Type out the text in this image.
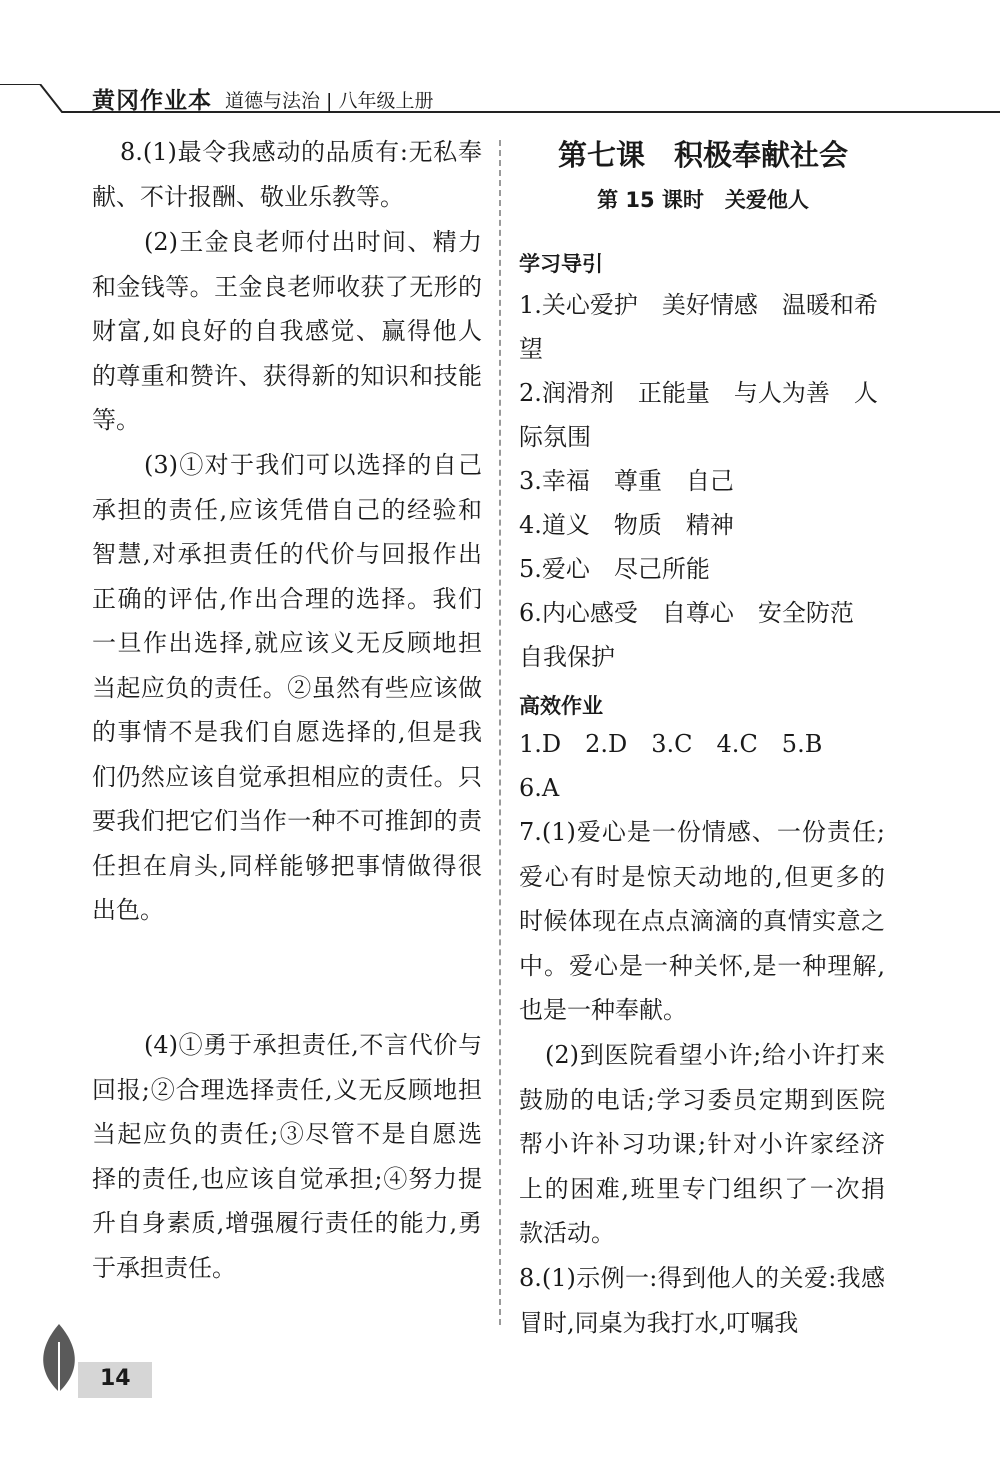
黄冈作业本 道德与法治 | 八年级上册
8.(1)最令我感动的品质有:无私奉献、不计报酬、敬业乐教等。
(2)王金良老师付出时间、精力和金钱等。王金良老师收获了无形的财富,如良好的自我感觉、赢得他人的尊重和赞许、获得新的知识和技能等。
(3)①对于我们可以选择的自己承担的责任,应该凭借自己的经验和智慧,对承担责任的代价与回报作出正确的评估,作出合理的选择。我们一旦作出选择,就应该义无反顾地担当起应负的责任。②虽然有些应该做的事情不是我们自愿选择的,但是我们仍然应该自觉承担相应的责任。只要我们把它们当作一种不可推卸的责任担在肩头,同样能够把事情做得很出色。
(4)①勇于承担责任,不言代价与回报;②合理选择责任,义无反顾地担当起应负的责任;③尽管不是自愿选择的责任,也应该自觉承担;④努力提升自身素质,增强履行责任的能力,勇于承担责任。
第七课　积极奉献社会
第 15 课时　关爱他人
学习导引
1.关心爱护　美好情感　温暖和希望
2.润滑剂　正能量　与人为善　人际氛围
3.幸福　尊重　自己
4.道义　物质　精神
5.爱心　尽己所能
6.内心感受　自尊心　安全防范　自我保护
高效作业
1.D　2.D　3.C　4.C　5.B
6.A
7.(1)爱心是一份情感、一份责任;爱心有时是惊天动地的,但更多的时候体现在点点滴滴的真情实意之中。爱心是一种关怀,是一种理解,也是一种奉献。
(2)到医院看望小许;给小许打来鼓励的电话;学习委员定期到医院帮小许补习功课;针对小许家经济上的困难,班里专门组织了一次捐款活动。
8.(1)示例一:得到他人的关爱:我感冒时,同桌为我打水,叮嘱我
14
